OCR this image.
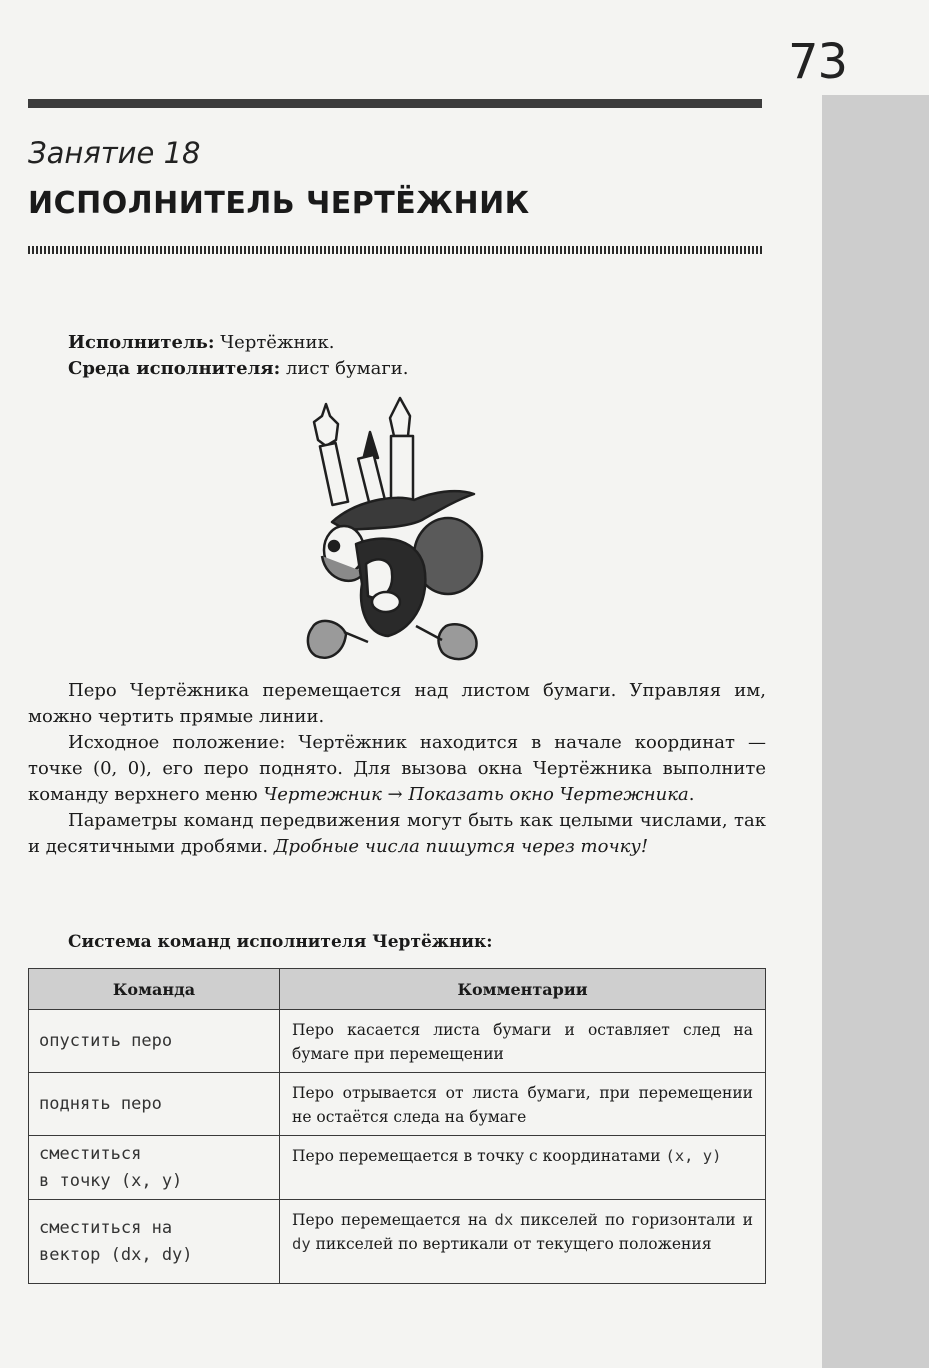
73
Занятие 18
ИСПОЛНИТЕЛЬ ЧЕРТЁЖНИК
Исполнитель: Чертёжник.
Среда исполнителя: лист бумаги.

Перо Чертёжника перемещается над листом бумаги. Управляя им, можно чертить прямые линии.

Исходное положение: Чертёжник находится в начале координат — точке (0, 0), его перо поднято. Для вызова окна Чертёжника выполните команду верхнего меню Чертежник → Показать окно Чертежника.

Параметры команд передвижения могут быть как целыми числами, так и десятичными дробями. Дробные числа пишутся через точку!

Система команд исполнителя Чертёжник:
Команда	Комментарии
опустить перо	Перо касается листа бумаги и оставляет след на бумаге при перемещении
поднять перо	Перо отрывается от листа бумаги, при перемещении не остаётся следа на бумаге

сместиться
в точку (x, y)	Перо перемещается в точку с координатами (x, y)

сместиться на
вектор (dx, dy)	Перо перемещается на dx пикселей по горизонтали и dy пикселей по вертикали от текущего положения
